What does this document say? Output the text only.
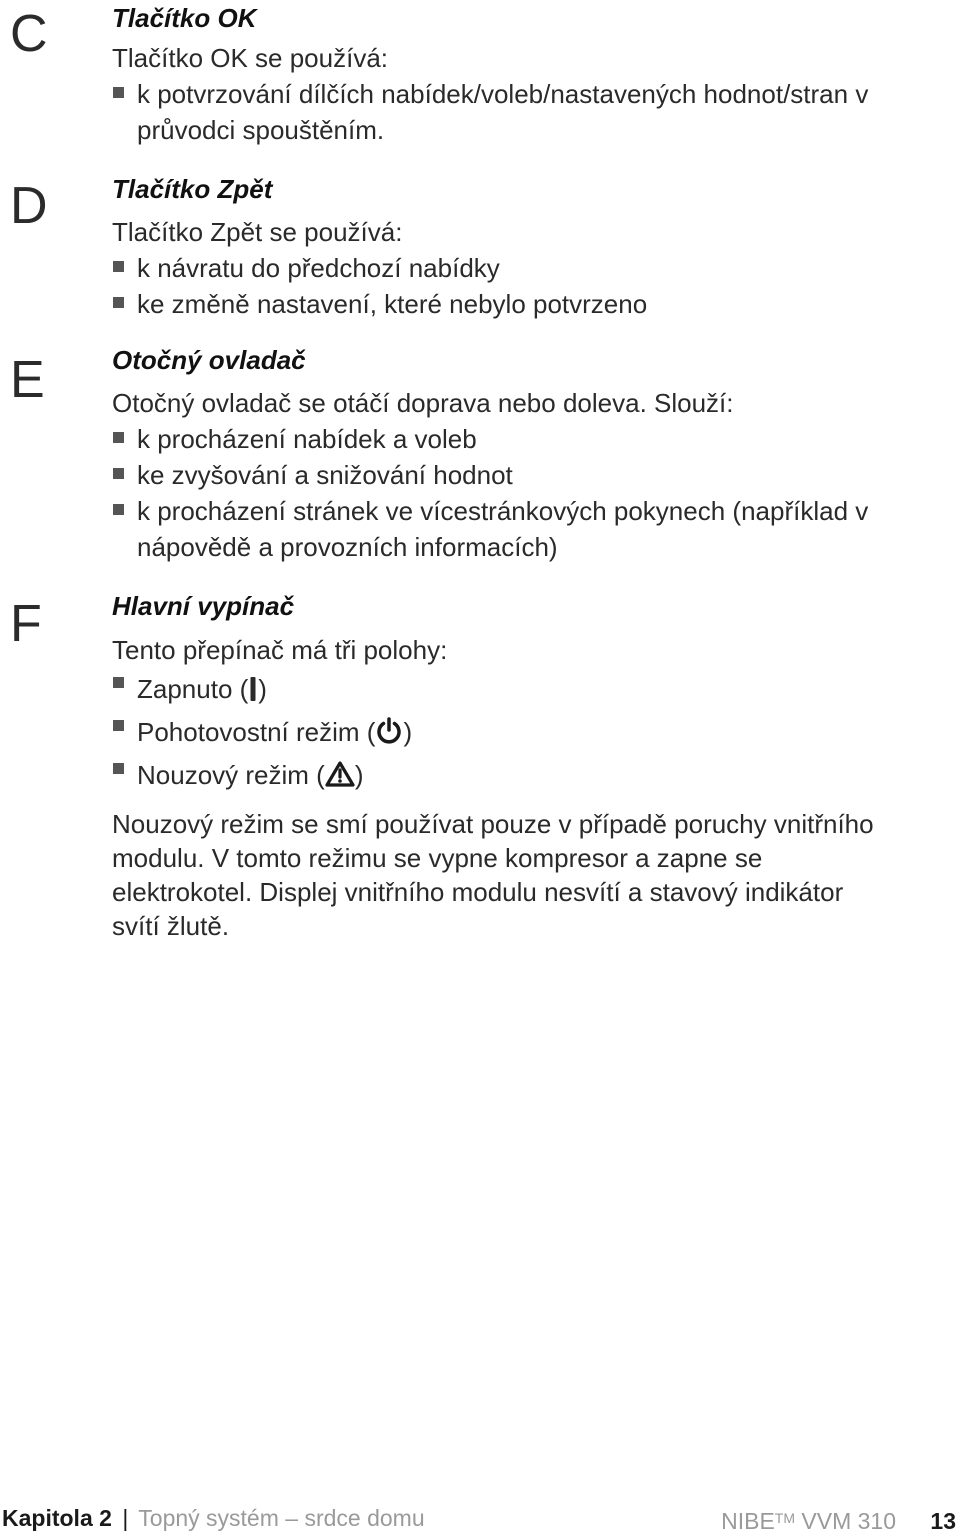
C Tlačítko OK

Tlačítko OK se používá:

k potvrzování dílčích nabídek/voleb/nastavených hodnot/stran v průvodci spouštěním.
D Tlačítko Zpět

Tlačítko Zpět se používá:

k návratu do předchozí nabídky
ke změně nastavení, které nebylo potvrzeno
E	Otočný ovladač

Otočný ovladač se otáčí doprava nebo doleva. Slouží:

k procházení nabídek a voleb
ke zvyšování a snižování hodnot
k procházení stránek ve vícestránkových pokynech (například v nápovědě a provozních informacích)
F	Hlavní vypínač

Tento přepínač má tři polohy:

Zapnuto ( )
Pohotovostní režim ( )
Nouzový režim ( )

Nouzový režim se smí používat pouze v případě poruchy vnitřního modulu. V tomto režimu se vypne kompresor a zapne se elektrokotel. Displej vnitřního modulu nesvítí a stavový indikátor svítí žlutě.

Kapitola 2 | Topný systém – srdce domu	NIBE™ VVM 310 13
